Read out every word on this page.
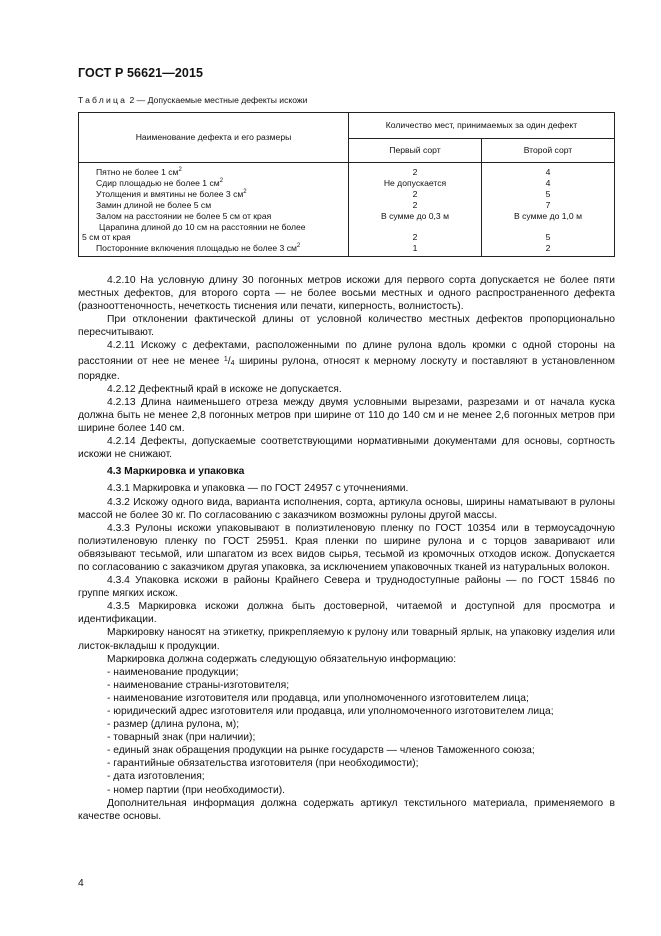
ГОСТ Р 56621—2015
Таблица 2 — Допускаемые местные дефекты искожи
Наименование дефекта и его размеры	Количество мест, принимаемых за один дефект	
	Первый сорт	Второй сорт

Пятно не более 1 $см^2$	2	4
Сдир площадью не более 1 $см^2$	Не допускается	4
Утолщения и вмятины не более 3 $см^2$	2	5
Замин длиной не более 5 см	2	7
Залом на расстоянии не более 5 см от края	В сумме до 0,3 м	В сумме до 1,0 м

Царапина длиной до 10 см на расстоянии не более
5 см от края	2	5
Посторонние включения площадью не более 3 $см^2$	1	2

4.2.10 На условную длину 30 погонных метров искожи для первого сорта допускается не более пяти местных дефектов, для второго сорта — не более восьми местных и одного распространенного дефекта (разнооттеночность, нечеткость тиснения или печати, киперность, волнистость).

При отклонении фактической длины от условной количество местных дефектов пропорционально пересчитывают.

4.2.11 Искожу с дефектами, расположенными по длине рулона вдоль кромки с одной стороны на расстоянии от нее не менее $^1$/4 ширины рулона, относят к мерному лоскуту и поставляют в установленном порядке.

4.2.12 Дефектный край в искоже не допускается.

4.2.13 Длина наименьшего отреза между двумя условными вырезами, разрезами и от начала куска должна быть не менее 2,8 погонных метров при ширине от 110 до 140 см и не менее 2,6 погонных метров при ширине более 140 см.

4.2.14 Дефекты, допускаемые соответствующими нормативными документами для основы, сортность искожи не снижают.

4.3 Маркировка и упаковка

4.3.1 Маркировка и упаковка — по ГОСТ 24957 с уточнениями.

4.3.2 Искожу одного вида, варианта исполнения, сорта, артикула основы, ширины наматывают в рулоны массой не более 30 кг. По согласованию с заказчиком возможны рулоны другой массы.

4.3.3 Рулоны искожи упаковывают в полиэтиленовую пленку по ГОСТ 10354 или в термоусадочную полиэтиленовую пленку по ГОСТ 25951. Края пленки по ширине рулона и с торцов заваривают или обвязывают тесьмой, или шпагатом из всех видов сырья, тесьмой из кромочных отходов искож. Допускается по согласованию с заказчиком другая упаковка, за исключением упаковочных тканей из натуральных волокон.

4.3.4 Упаковка искожи в районы Крайнего Севера и труднодоступные районы — по ГОСТ 15846 по группе мягких искож.

4.3.5 Маркировка искожи должна быть достоверной, читаемой и доступной для просмотра и идентификации.

Маркировку наносят на этикетку, прикрепляемую к рулону или товарный ярлык, на упаковку изделия или листок-вкладыш к продукции.

Маркировка должна содержать следующую обязательную информацию:

- наименование продукции;

- наименование страны-изготовителя;

- наименование изготовителя или продавца, или уполномоченного изготовителем лица;

- юридический адрес изготовителя или продавца, или уполномоченного изготовителем лица;

- размер (длина рулона, м);

- товарный знак (при наличии);

- единый знак обращения продукции на рынке государств — членов Таможенного союза;

- гарантийные обязательства изготовителя (при необходимости);

- дата изготовления;

- номер партии (при необходимости).

Дополнительная информация должна содержать артикул текстильного материала, применяемого в качестве основы.

4
